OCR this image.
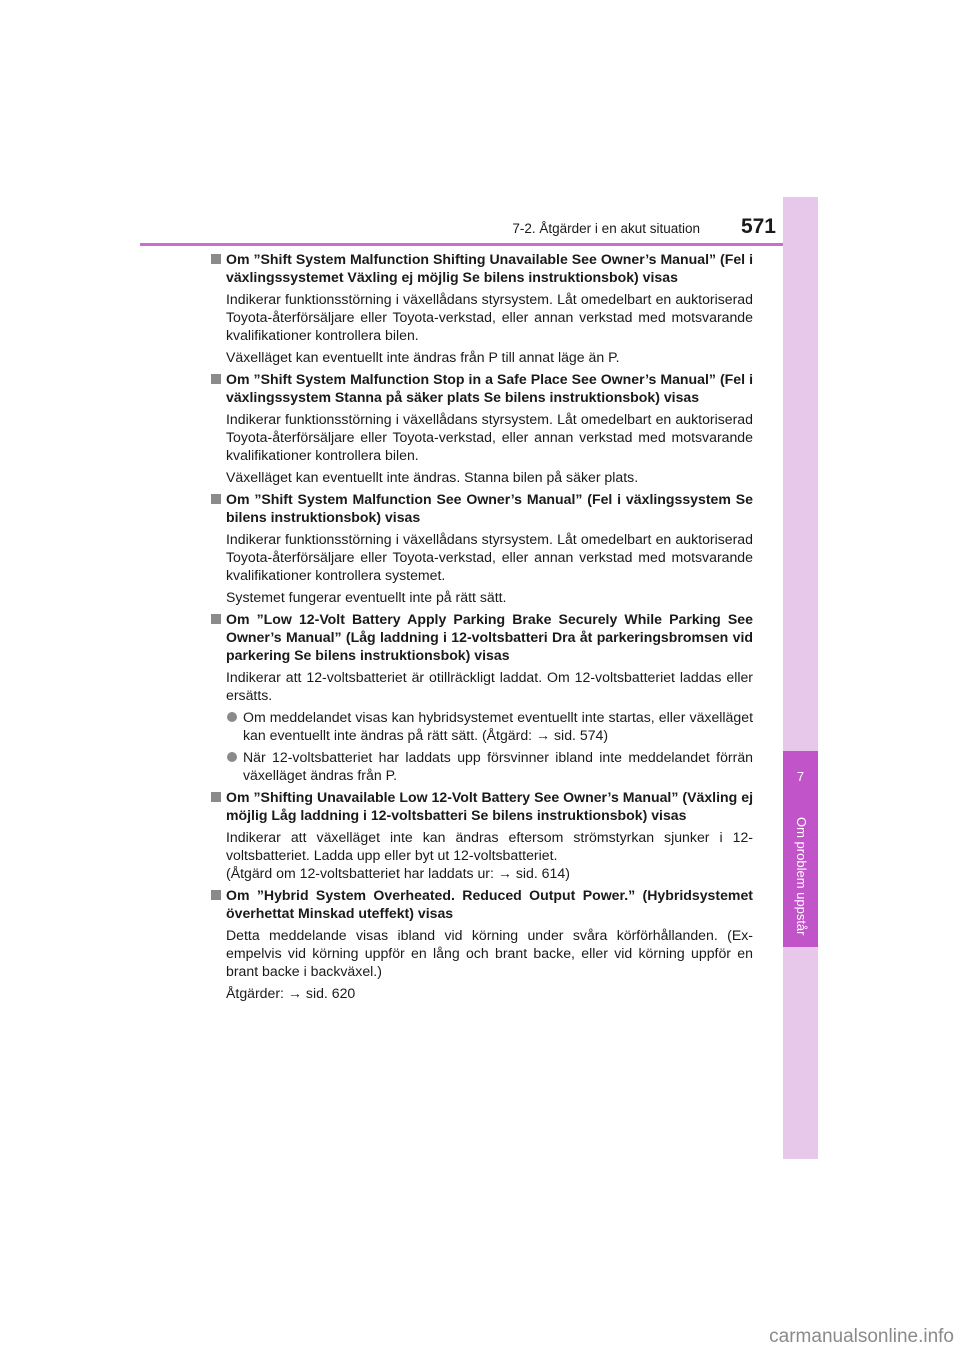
7-2. Åtgärder i en akut situation	571
7
Om problem uppstår

Om ”Shift System Malfunction Shifting Unavailable See Owner’s Manual” (Fel i växlingssystemet Växling ej möjlig Se bilens instruktionsbok) visas

Indikerar funktionsstörning i växellådans styrsystem. Låt omedelbart en auktoriserad Toyota-återförsäljare eller Toyota-verkstad, eller annan verkstad med motsvarande kvalifikationer kontrollera bilen.

Växelläget kan eventuellt inte ändras från P till annat läge än P.

Om ”Shift System Malfunction Stop in a Safe Place See Owner’s Manual” (Fel i växlingssystem Stanna på säker plats Se bilens instruktionsbok) visas

Indikerar funktionsstörning i växellådans styrsystem. Låt omedelbart en auktoriserad Toyota-återförsäljare eller Toyota-verkstad, eller annan verkstad med motsvarande kvalifikationer kontrollera bilen.

Växelläget kan eventuellt inte ändras. Stanna bilen på säker plats.

Om ”Shift System Malfunction See Owner’s Manual” (Fel i växlingssystem Se bilens instruktionsbok) visas

Indikerar funktionsstörning i växellådans styrsystem. Låt omedelbart en auktoriserad Toyota-återförsäljare eller Toyota-verkstad, eller annan verkstad med motsvarande kvalifikationer kontrollera systemet.

Systemet fungerar eventuellt inte på rätt sätt.

Om ”Low 12-Volt Battery Apply Parking Brake Securely While Parking See Owner’s Manual” (Låg laddning i 12-voltsbatteri Dra åt parkeringsbromsen vid parkering Se bilens instruktionsbok) visas

Indikerar att 12-voltsbatteriet är otillräckligt laddat. Om 12-voltsbatteriet laddas eller ersätts.

Om meddelandet visas kan hybridsystemet eventuellt inte startas, eller växelläget kan eventuellt inte ändras på rätt sätt. (Åtgärd: → sid. 574)
När 12-voltsbatteriet har laddats upp försvinner ibland inte meddelandet förrän växelläget ändras från P.

Om ”Shifting Unavailable Low 12-Volt Battery See Owner’s Manual” (Växling ej möjlig Låg laddning i 12-voltsbatteri Se bilens instruktionsbok) visas

Indikerar att växelläget inte kan ändras eftersom strömstyrkan sjunker i 12-voltsbatteriet. Ladda upp eller byt ut 12-voltsbatteriet.
(Åtgärd om 12-voltsbatteriet har laddats ur: → sid. 614)

Om ”Hybrid System Overheated. Reduced Output Power.” (Hybridsystemet överhettat Minskad uteffekt) visas

Detta meddelande visas ibland vid körning under svåra körförhållanden. (Exempelvis vid körning uppför en lång och brant backe, eller vid körning uppför en brant backe i backväxel.)

Åtgärder: → sid. 620

carmanualsonline.info
